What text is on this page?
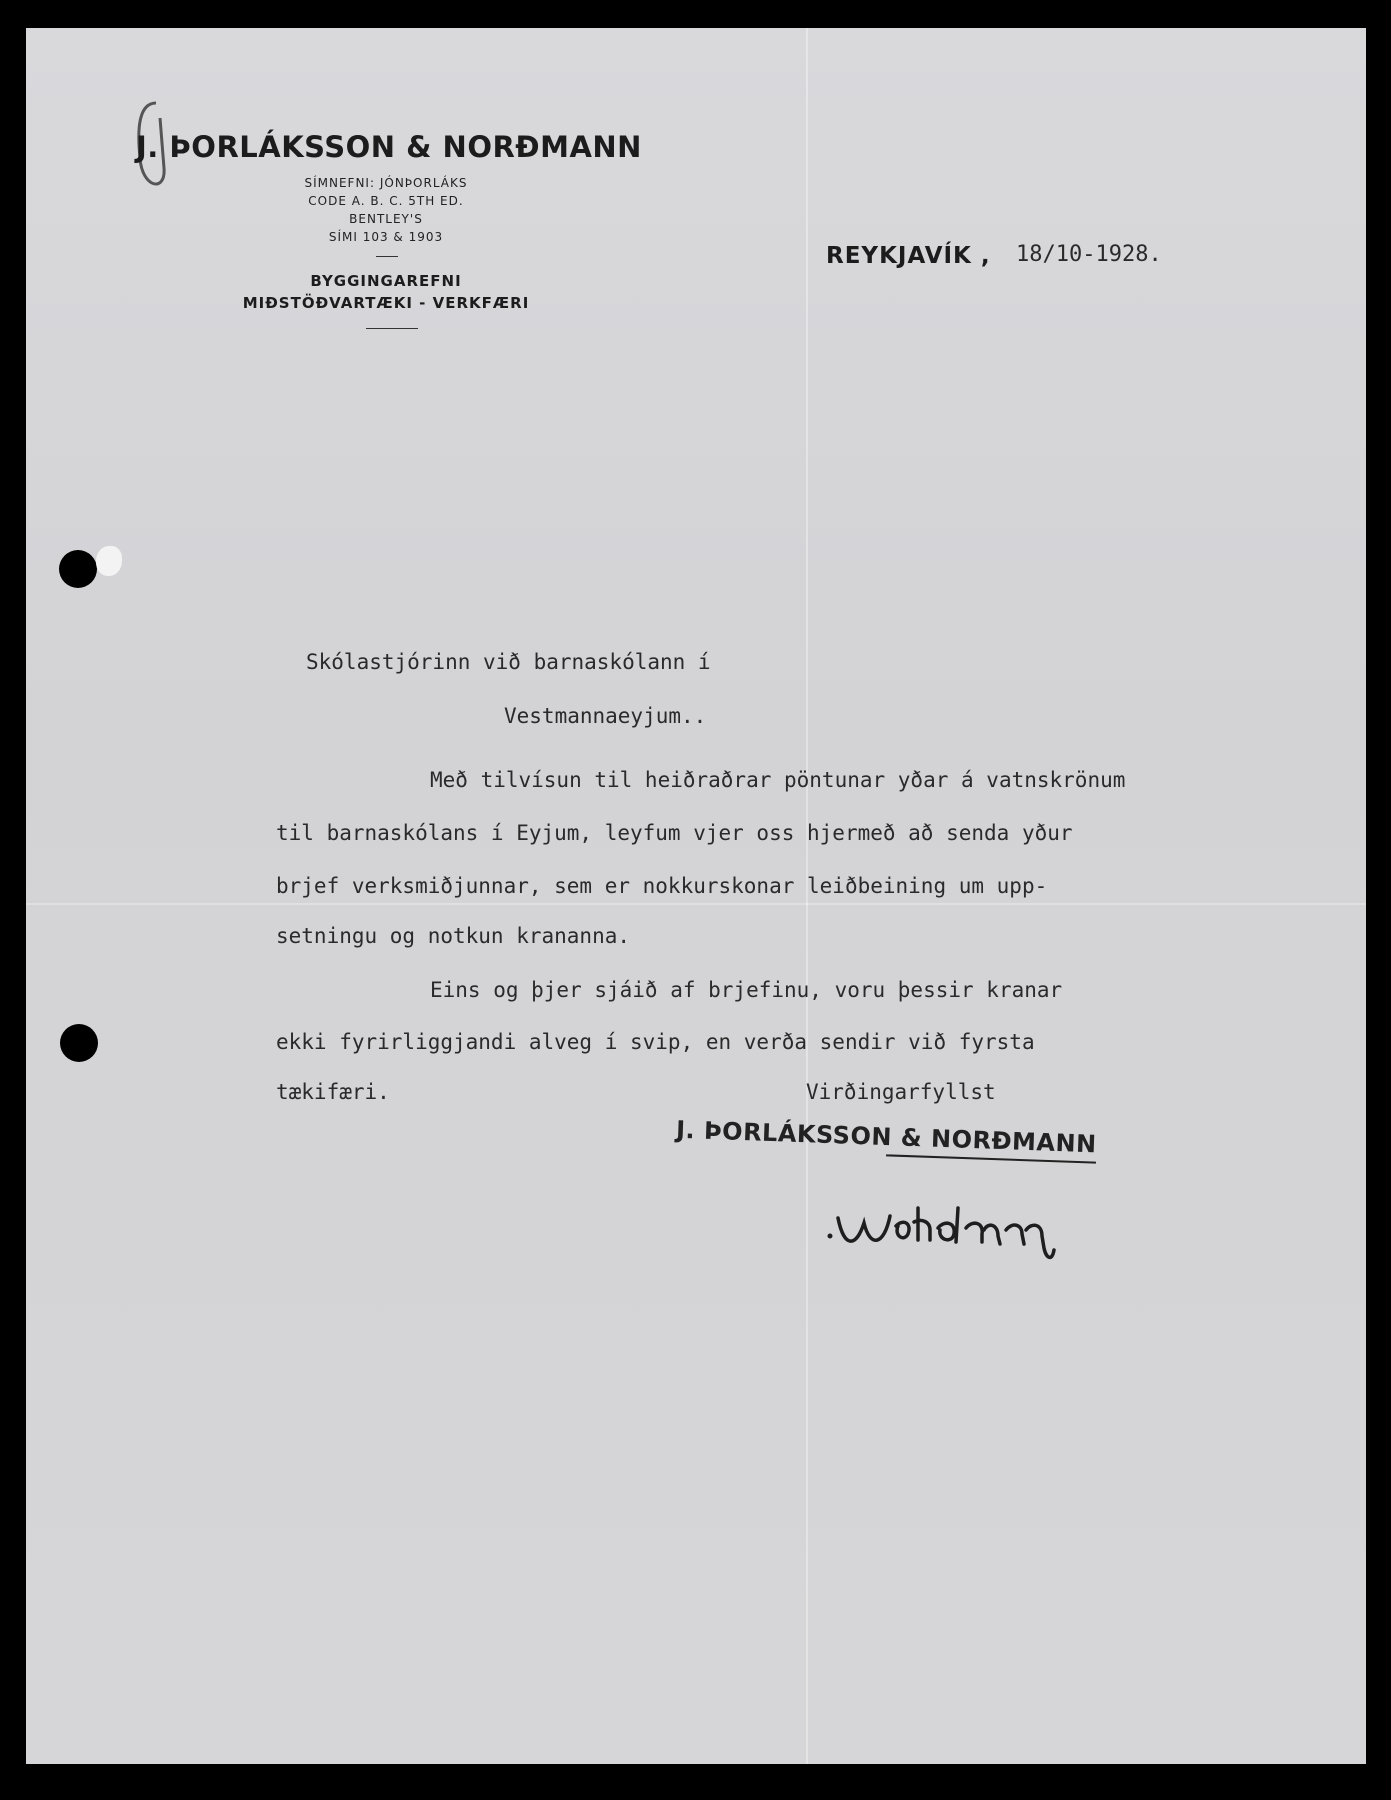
J. ÞORLÁKSSON & NORÐMANN
SÍMNEFNI: JÓNÞORLÁKS
CODE A. B. C. 5TH ED.
BENTLEY'S
SÍMI 103 & 1903
BYGGINGAREFNI
MIÐSTÖÐVARTÆKI - VERKFÆRI
REYKJAVÍK , 18/10-1928.
Skólastjórinn við barnaskólann í
Vestmannaeyjum..
Með tilvísun til heiðraðrar pöntunar yðar á vatnskrönum
til barnaskólans í Eyjum, leyfum vjer oss hjermeð að senda yður
brjef verksmiðjunnar, sem er nokkurskonar leiðbeining um upp-
setningu og notkun krananna.
Eins og þjer sjáið af brjefinu, voru þessir kranar
ekki fyrirliggjandi alveg í svip, en verða sendir við fyrsta
tækifæri.	Virðingarfyllst
J. ÞORLÁKSSON & NORÐMANN
